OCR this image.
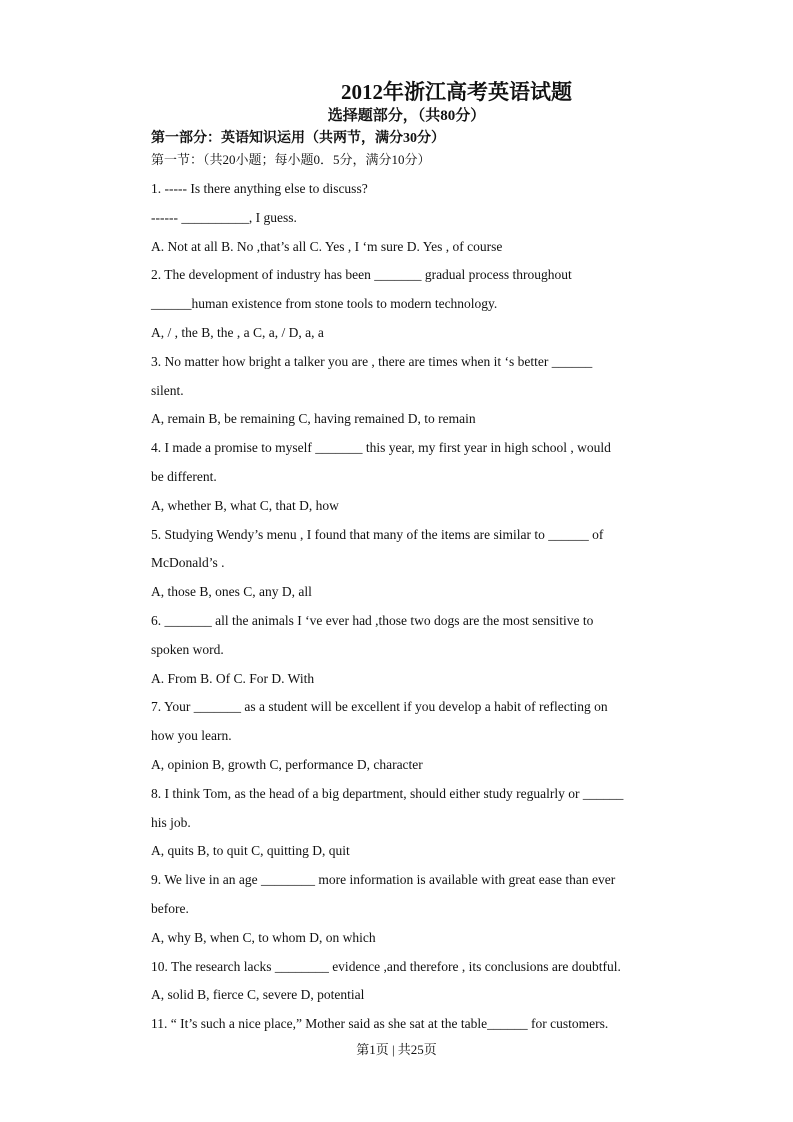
2012年浙江高考英语试题
选择题部分，（共80分）
第一部分：英语知识运用（共两节，满分30分）
第一节：（共20小题；每小题0．5分，满分10分）
1. ----- Is there anything else to discuss?
------ __________, I guess.
A. Not at all B. No ,that’s all C. Yes , I ‘m sure D. Yes , of course
2. The development of industry has been _______ gradual process throughout
______human existence from stone tools to modern technology.
A, / , the B, the , a C, a, / D, a, a
3. No matter how bright a talker you are , there are times when it ‘s better ______
silent.
A, remain B, be remaining C, having remained D, to remain
4. I made a promise to myself _______ this year, my first year in high school , would
be different.
A, whether B, what C, that D, how
5. Studying Wendy’s menu , I found that many of the items are similar to ______ of
McDonald’s .
A, those B, ones C, any D, all
6. _______ all the animals I ‘ve ever had ,those two dogs are the most sensitive to
spoken word.
A. From B. Of C. For D. With
7. Your _______ as a student will be excellent if you develop a habit of reflecting on
how you learn.
A, opinion B, growth C, performance D, character
8. I think Tom, as the head of a big department, should either study regualrly or ______
his job.
A, quits B, to quit C, quitting D, quit
9. We live in an age ________ more information is available with great ease than ever
before.
A, why B, when C, to whom D, on which
10. The research lacks ________ evidence ,and therefore , its conclusions are doubtful.
A, solid B, fierce C, severe D, potential
11. “ It’s such a nice place,” Mother said as she sat at the table______ for customers.
第1页 | 共25页
